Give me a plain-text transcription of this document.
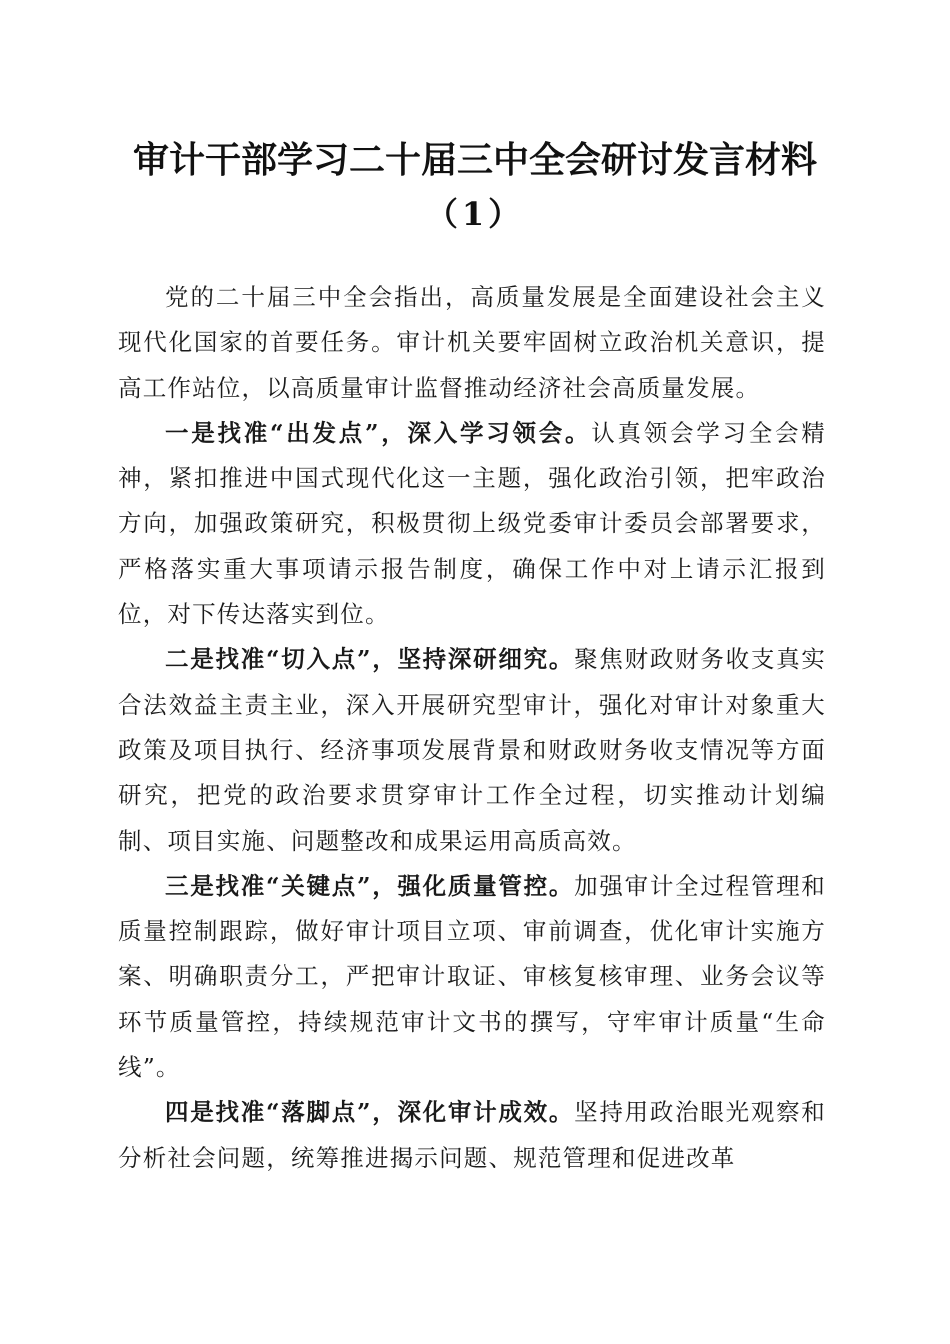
审计干部学习二十届三中全会研讨发言材料
（1）

党的二十届三中全会指出，高质量发展是全面建设社会主义现代化国家的首要任务。审计机关要牢固树立政治机关意识，提高工作站位，以高质量审计监督推动经济社会高质量发展。

一是找准“出发点”，深入学习领会。认真领会学习全会精神，紧扣推进中国式现代化这一主题，强化政治引领，把牢政治方向，加强政策研究，积极贯彻上级党委审计委员会部署要求，严格落实重大事项请示报告制度，确保工作中对上请示汇报到位，对下传达落实到位。

二是找准“切入点”，坚持深研细究。聚焦财政财务收支真实合法效益主责主业，深入开展研究型审计，强化对审计对象重大政策及项目执行、经济事项发展背景和财政财务收支情况等方面研究，把党的政治要求贯穿审计工作全过程，切实推动计划编制、项目实施、问题整改和成果运用高质高效。

三是找准“关键点”，强化质量管控。加强审计全过程管理和质量控制跟踪，做好审计项目立项、审前调查，优化审计实施方案、明确职责分工，严把审计取证、审核复核审理、业务会议等环节质量管控，持续规范审计文书的撰写，守牢审计质量“生命线”。

四是找准“落脚点”，深化审计成效。坚持用政治眼光观察和分析社会问题，统筹推进揭示问题、规范管理和促进改革
